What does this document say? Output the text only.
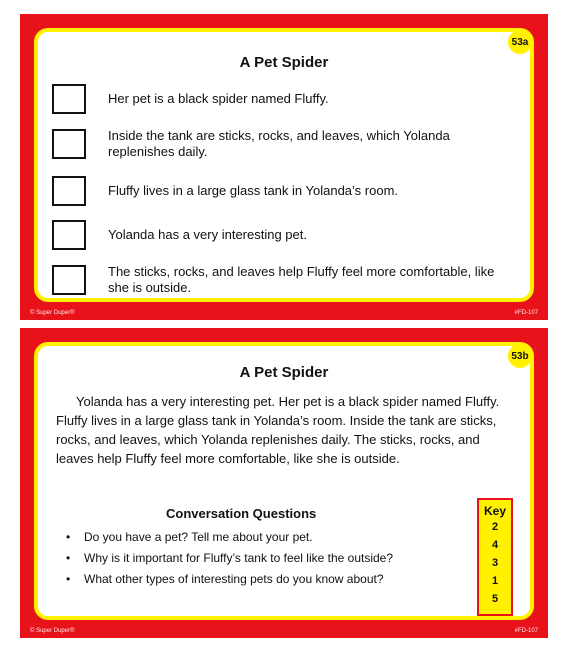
A Pet Spider
53a
Her pet is a black spider named Fluffy.
Inside the tank are sticks, rocks, and leaves, which Yolanda replenishes daily.
Fluffy lives in a large glass tank in Yolanda’s room.
Yolanda has a very interesting pet.
The sticks, rocks, and leaves help Fluffy feel more comfortable, like she is outside.
© Super Duper®	#FD-107
A Pet Spider
53b

Yolanda has a very interesting pet. Her pet is a black spider named Fluffy. Fluffy lives in a large glass tank in Yolanda’s room. Inside the tank are sticks, rocks, and leaves, which Yolanda replenishes daily. The sticks, rocks, and leaves help Fluffy feel more comfortable, like she is outside.

Conversation Questions
• Do you have a pet? Tell me about your pet.
• Why is it important for Fluffy’s tank to feel like the outside?
• What other types of interesting pets do you know about?
Key
2
4
3
1
5
© Super Duper®	#FD-107
